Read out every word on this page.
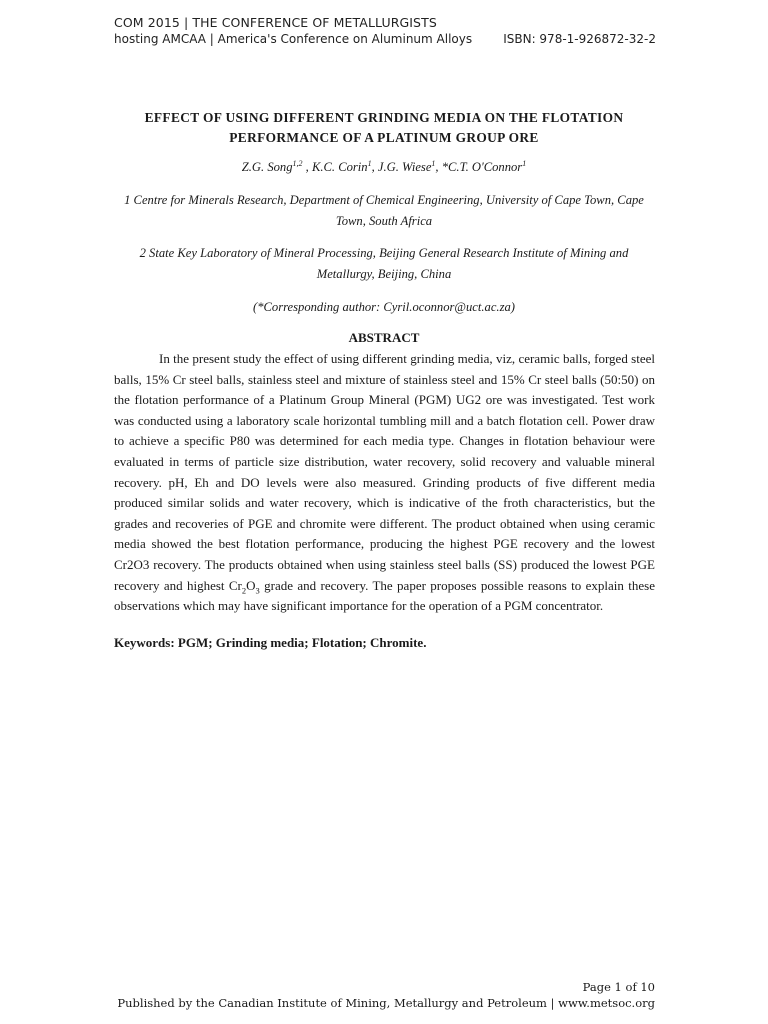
COM 2015 | THE CONFERENCE OF METALLURGISTS
hosting AMCAA | America's Conference on Aluminum Alloys	ISBN: 978-1-926872-32-2
EFFECT OF USING DIFFERENT GRINDING MEDIA ON THE FLOTATION
PERFORMANCE OF A PLATINUM GROUP ORE
Z.G. Song$^{1,2}$ , K.C. Corin$^1$, J.G. Wiese$^1$, *C.T. O'Connor$^1$
1 Centre for Minerals Research, Department of Chemical Engineering, University of Cape Town, Cape
Town, South Africa
2 State Key Laboratory of Mineral Processing, Beijing General Research Institute of Mining and
Metallurgy, Beijing, China
(*Corresponding author: Cyril.oconnor@uct.ac.za)
ABSTRACT

In the present study the effect of using different grinding media, viz, ceramic balls, forged steel balls, 15% Cr steel balls, stainless steel and mixture of stainless steel and 15% Cr steel balls (50:50) on the flotation performance of a Platinum Group Mineral (PGM) UG2 ore was investigated. Test work was conducted using a laboratory scale horizontal tumbling mill and a batch flotation cell. Power draw to achieve a specific P80 was determined for each media type. Changes in flotation behaviour were evaluated in terms of particle size distribution, water recovery, solid recovery and valuable mineral recovery. pH, Eh and DO levels were also measured. Grinding products of five different media produced similar solids and water recovery, which is indicative of the froth characteristics, but the grades and recoveries of PGE and chromite were different. The product obtained when using ceramic media showed the best flotation performance, producing the highest PGE recovery and the lowest Cr2O3 recovery. The products obtained when using stainless steel balls (SS) produced the lowest PGE recovery and highest $Cr_2O_3$ grade and recovery. The paper proposes possible reasons to explain these observations which may have significant importance for the operation of a PGM concentrator.

Keywords: PGM; Grinding media; Flotation; Chromite.
Page 1 of 10
Published by the Canadian Institute of Mining, Metallurgy and Petroleum | www.metsoc.org
